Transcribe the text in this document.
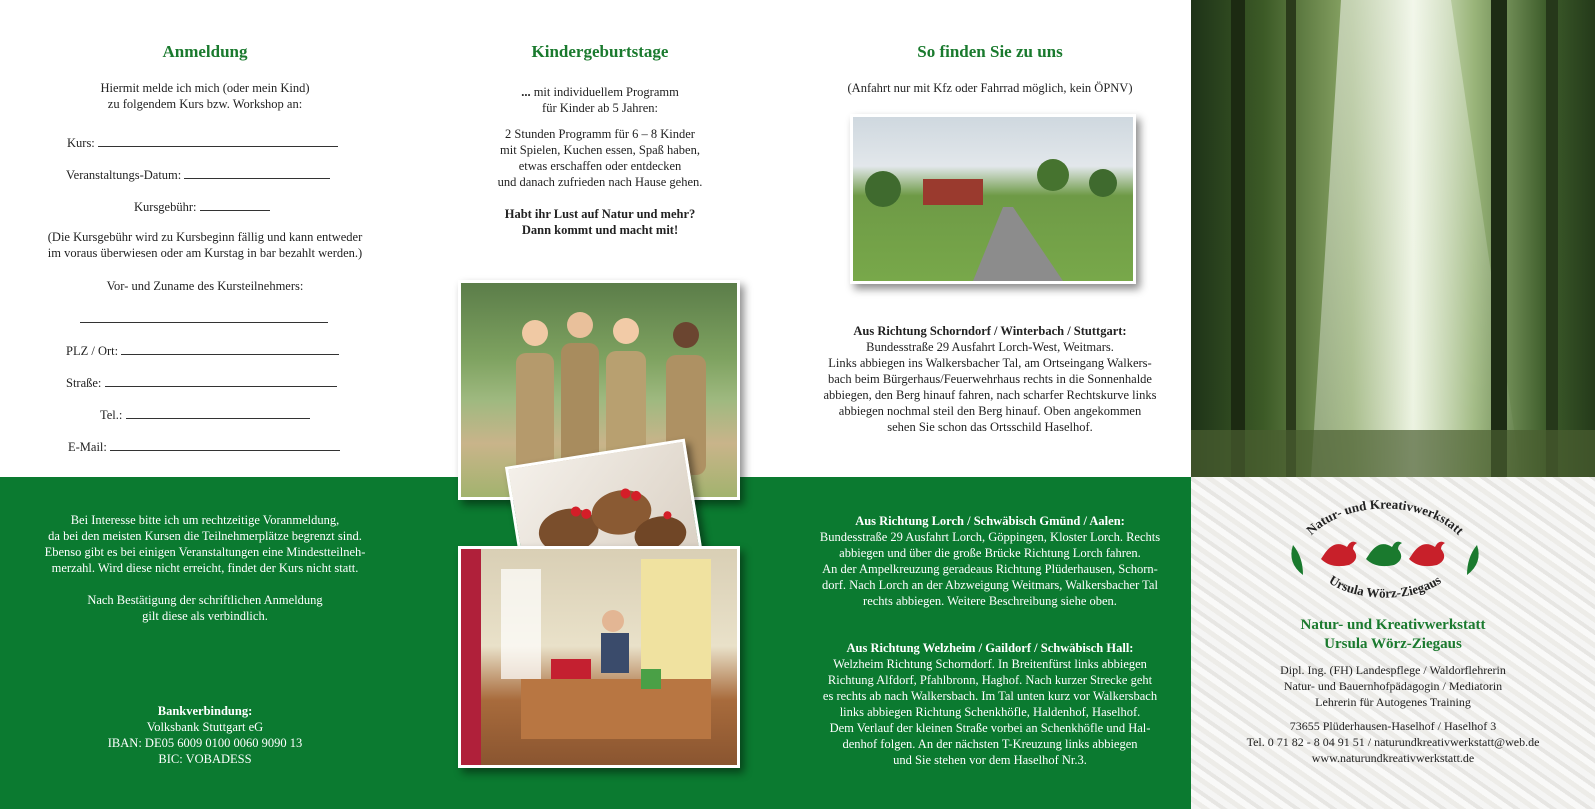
Anmeldung
Hiermit melde ich mich (oder mein Kind)
zu folgendem Kurs bzw. Workshop an:
Kurs:
Veranstaltungs-Datum:
Kursgebühr:
(Die Kursgebühr wird zu Kursbeginn fällig und kann entweder
im voraus überwiesen oder am Kurstag in bar bezahlt werden.)
Vor- und Zuname des Kursteilnehmers:
PLZ / Ort:
Straße:
Tel.:
E-Mail:
Bei Interesse bitte ich um rechtzeitige Voranmeldung,
da bei den meisten Kursen die Teilnehmerplätze begrenzt sind.
Ebenso gibt es bei einigen Veranstaltungen eine Mindestteilneh-
merzahl. Wird diese nicht erreicht, findet der Kurs nicht statt.
Nach Bestätigung der schriftlichen Anmeldung
gilt diese als verbindlich.
Bankverbindung:
Volksbank Stuttgart eG
IBAN: DE05 6009 0100 0060 9090 13
BIC: VOBADESS
Kindergeburtstage
... mit individuellem Programm
für Kinder ab 5 Jahren:
2 Stunden Programm für 6 – 8 Kinder
mit Spielen, Kuchen essen, Spaß haben,
etwas erschaffen oder entdecken
und danach zufrieden nach Hause gehen.
Habt ihr Lust auf Natur und mehr?
Dann kommt und macht mit!
So finden Sie zu uns
(Anfahrt nur mit Kfz oder Fahrrad möglich, kein ÖPNV)
Aus Richtung Schorndorf / Winterbach / Stuttgart:
Bundesstraße 29 Ausfahrt Lorch-West, Weitmars.
Links abbiegen ins Walkersbacher Tal, am Ortseingang Walkers-
bach beim Bürgerhaus/Feuerwehrhaus rechts in die Sonnenhalde
abbiegen, den Berg hinauf fahren, nach scharfer Rechtskurve links
abbiegen nochmal steil den Berg hinauf. Oben angekommen
sehen Sie schon das Ortsschild Haselhof.
Aus Richtung Lorch / Schwäbisch Gmünd / Aalen:
Bundesstraße 29 Ausfahrt Lorch, Göppingen, Kloster Lorch. Rechts
abbiegen und über die große Brücke Richtung Lorch fahren.
An der Ampelkreuzung geradeaus Richtung Plüderhausen, Schorn-
dorf. Nach Lorch an der Abzweigung Weitmars, Walkersbacher Tal
rechts abbiegen. Weitere Beschreibung siehe oben.
Aus Richtung Welzheim / Gaildorf / Schwäbisch Hall:
Welzheim Richtung Schorndorf. In Breitenfürst links abbiegen
Richtung Alfdorf, Pfahlbronn, Haghof. Nach kurzer Strecke geht
es rechts ab nach Walkersbach. Im Tal unten kurz vor Walkersbach
links abbiegen Richtung Schenkhöfle, Haldenhof, Haselhof.
Dem Verlauf der kleinen Straße vorbei an Schenkhöfle und Hal-
denhof folgen. An der nächsten T-Kreuzung links abbiegen
und Sie stehen vor dem Haselhof Nr.3.
Natur- und Kreativwerkstatt
Ursula Wörz-Ziegaus
Natur- und Kreativwerkstatt
Ursula Wörz-Ziegaus
Dipl. Ing. (FH) Landespflege / Waldorflehrerin
Natur- und Bauernhofpädagogin / Mediatorin
Lehrerin für Autogenes Training
73655 Plüderhausen-Haselhof / Haselhof 3
Tel. 0 71 82 - 8 04 91 51 / naturundkreativwerkstatt@web.de
www.naturundkreativwerkstatt.de
